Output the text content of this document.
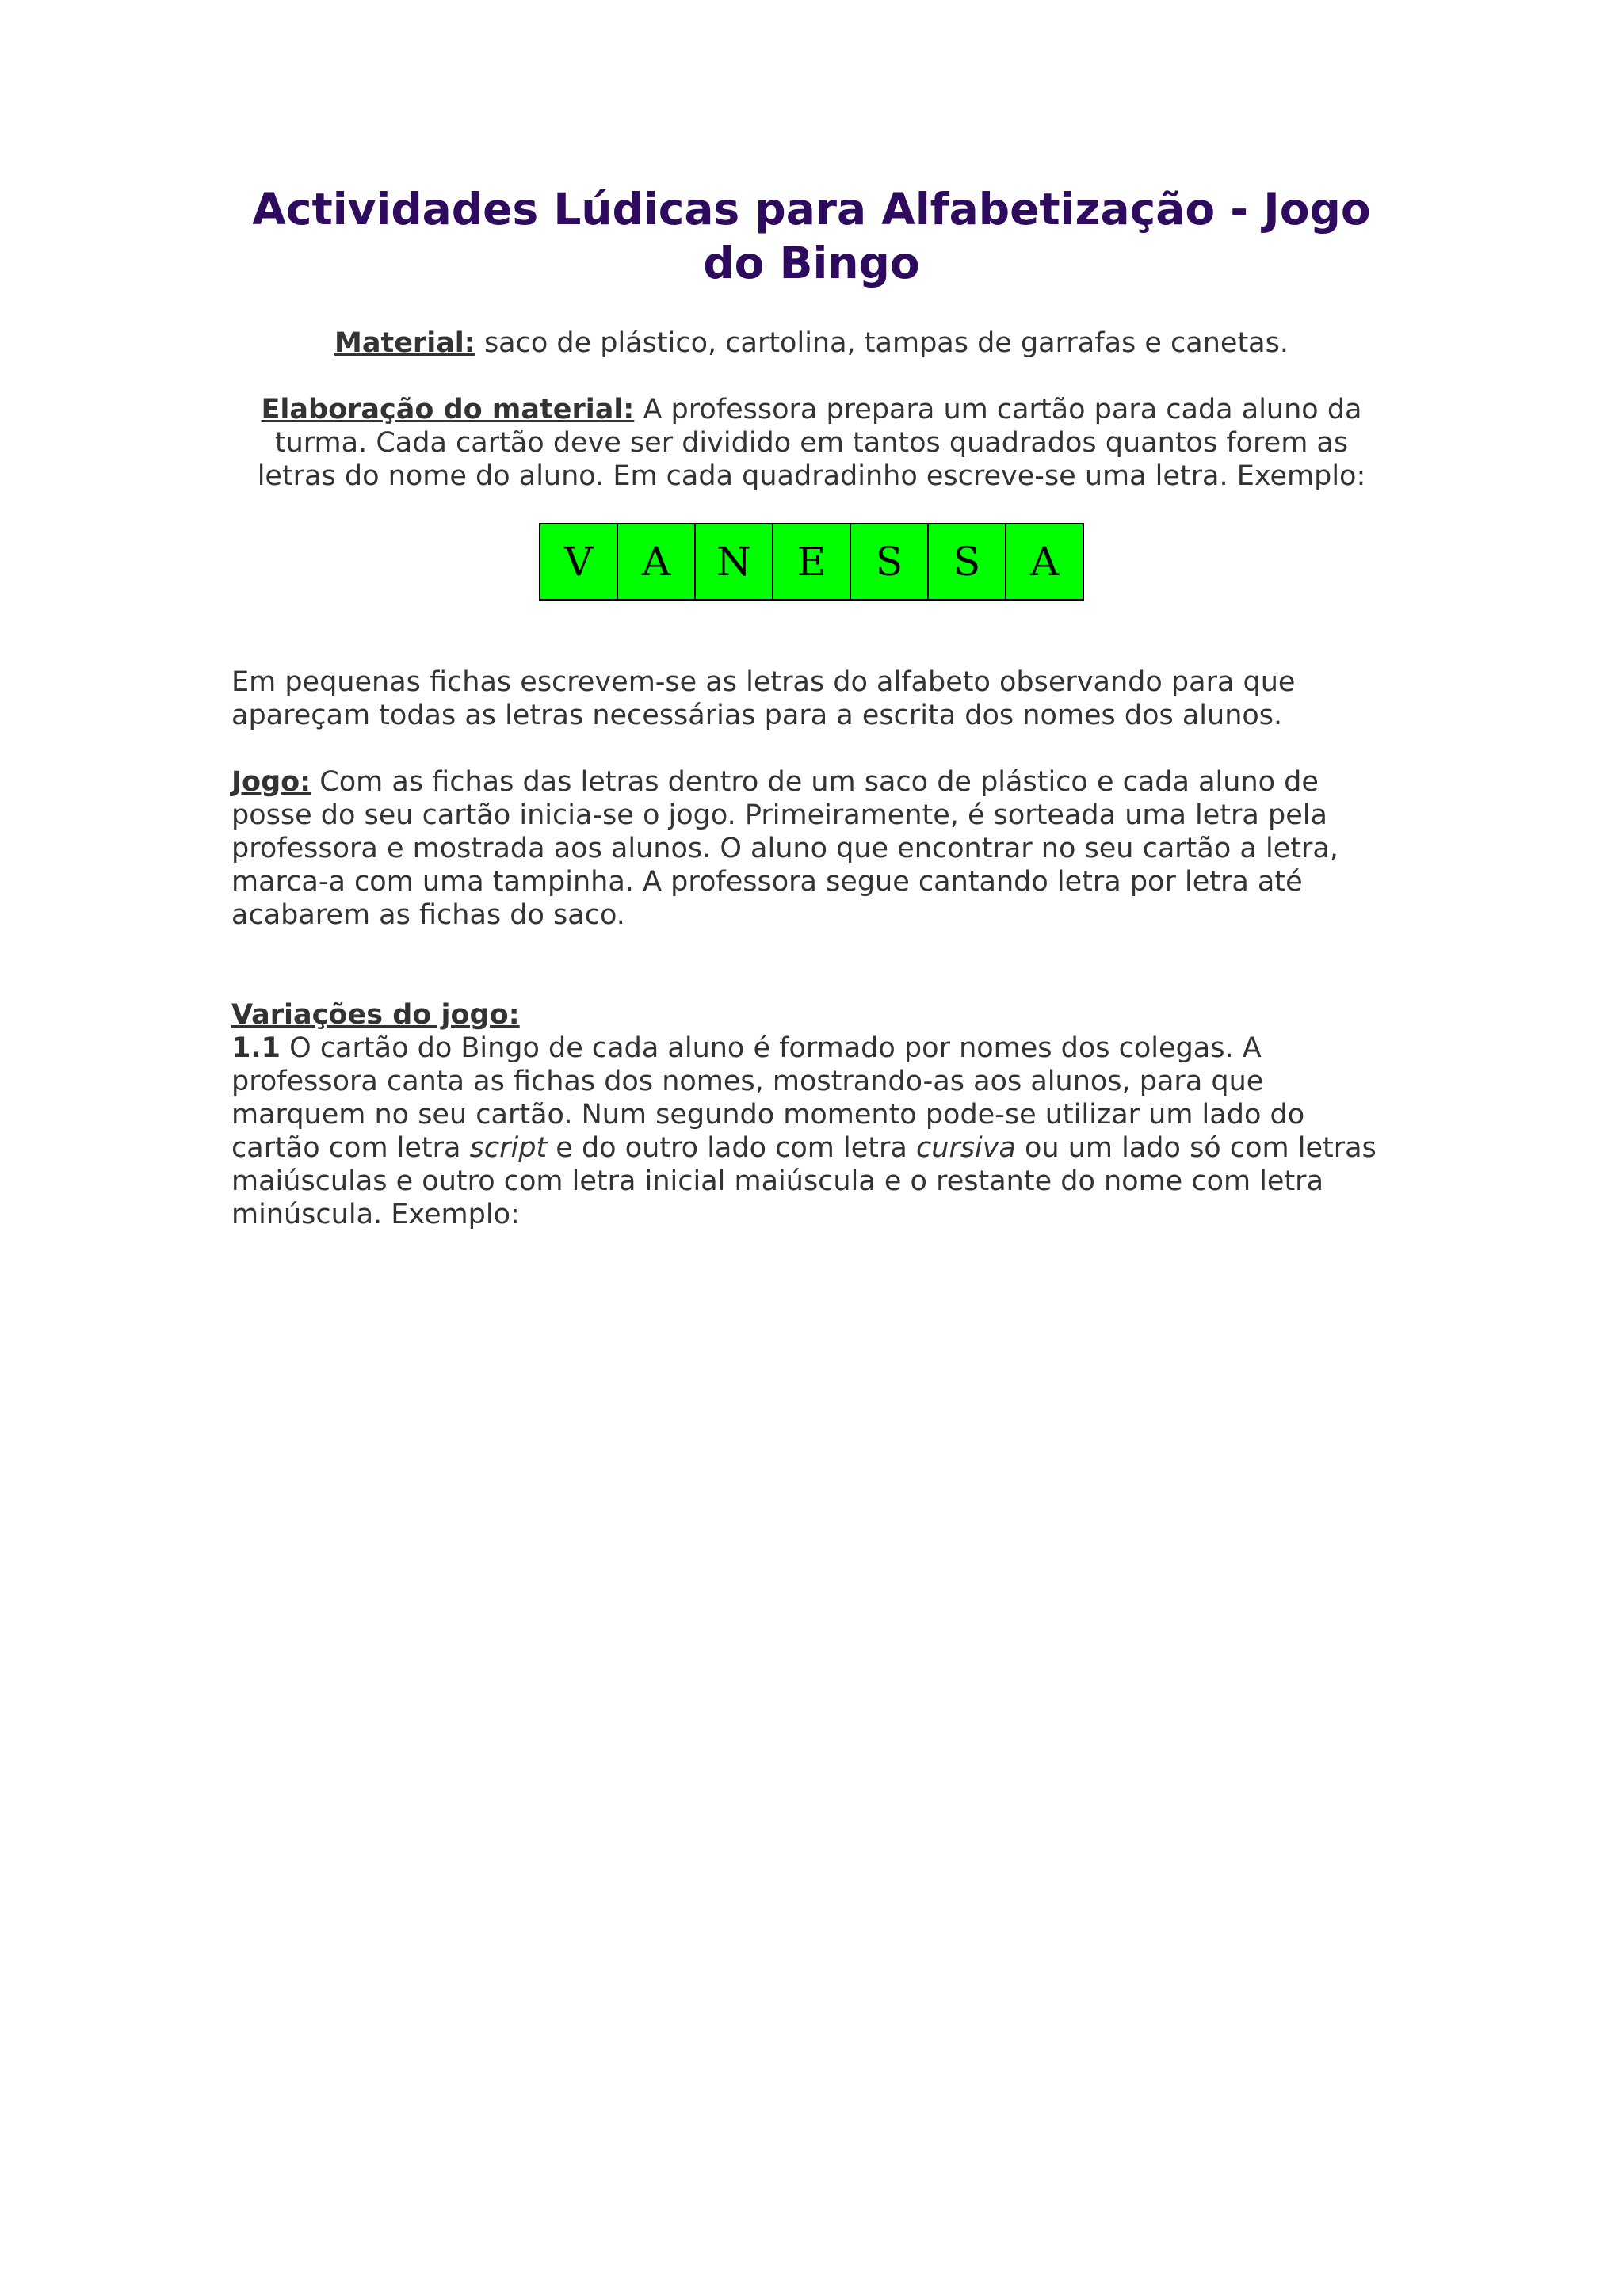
Actividades Lúdicas para Alfabetização - Jogo do Bingo

Material: saco de plástico, cartolina, tampas de garrafas e canetas.

Elaboração do material: A professora prepara um cartão para cada aluno da turma. Cada cartão deve ser dividido em tantos quadrados quantos forem as letras do nome do aluno. Em cada quadradinho escreve-se uma letra. Exemplo:

V	A	N	E	S	S	A

Em pequenas fichas escrevem-se as letras do alfabeto observando para que apareçam todas as letras necessárias para a escrita dos nomes dos alunos.

Jogo: Com as fichas das letras dentro de um saco de plástico e cada aluno de posse do seu cartão inicia-se o jogo. Primeiramente, é sorteada uma letra pela professora e mostrada aos alunos. O aluno que encontrar no seu cartão a letra, marca-a com uma tampinha. A professora segue cantando letra por letra até acabarem as fichas do saco.

Variações do jogo:

1.1 O cartão do Bingo de cada aluno é formado por nomes dos colegas. A professora canta as fichas dos nomes, mostrando-as aos alunos, para que marquem no seu cartão. Num segundo momento pode-se utilizar um lado do cartão com letra script e do outro lado com letra cursiva ou um lado só com letras maiúsculas e outro com letra inicial maiúscula e o restante do nome com letra minúscula. Exemplo:
